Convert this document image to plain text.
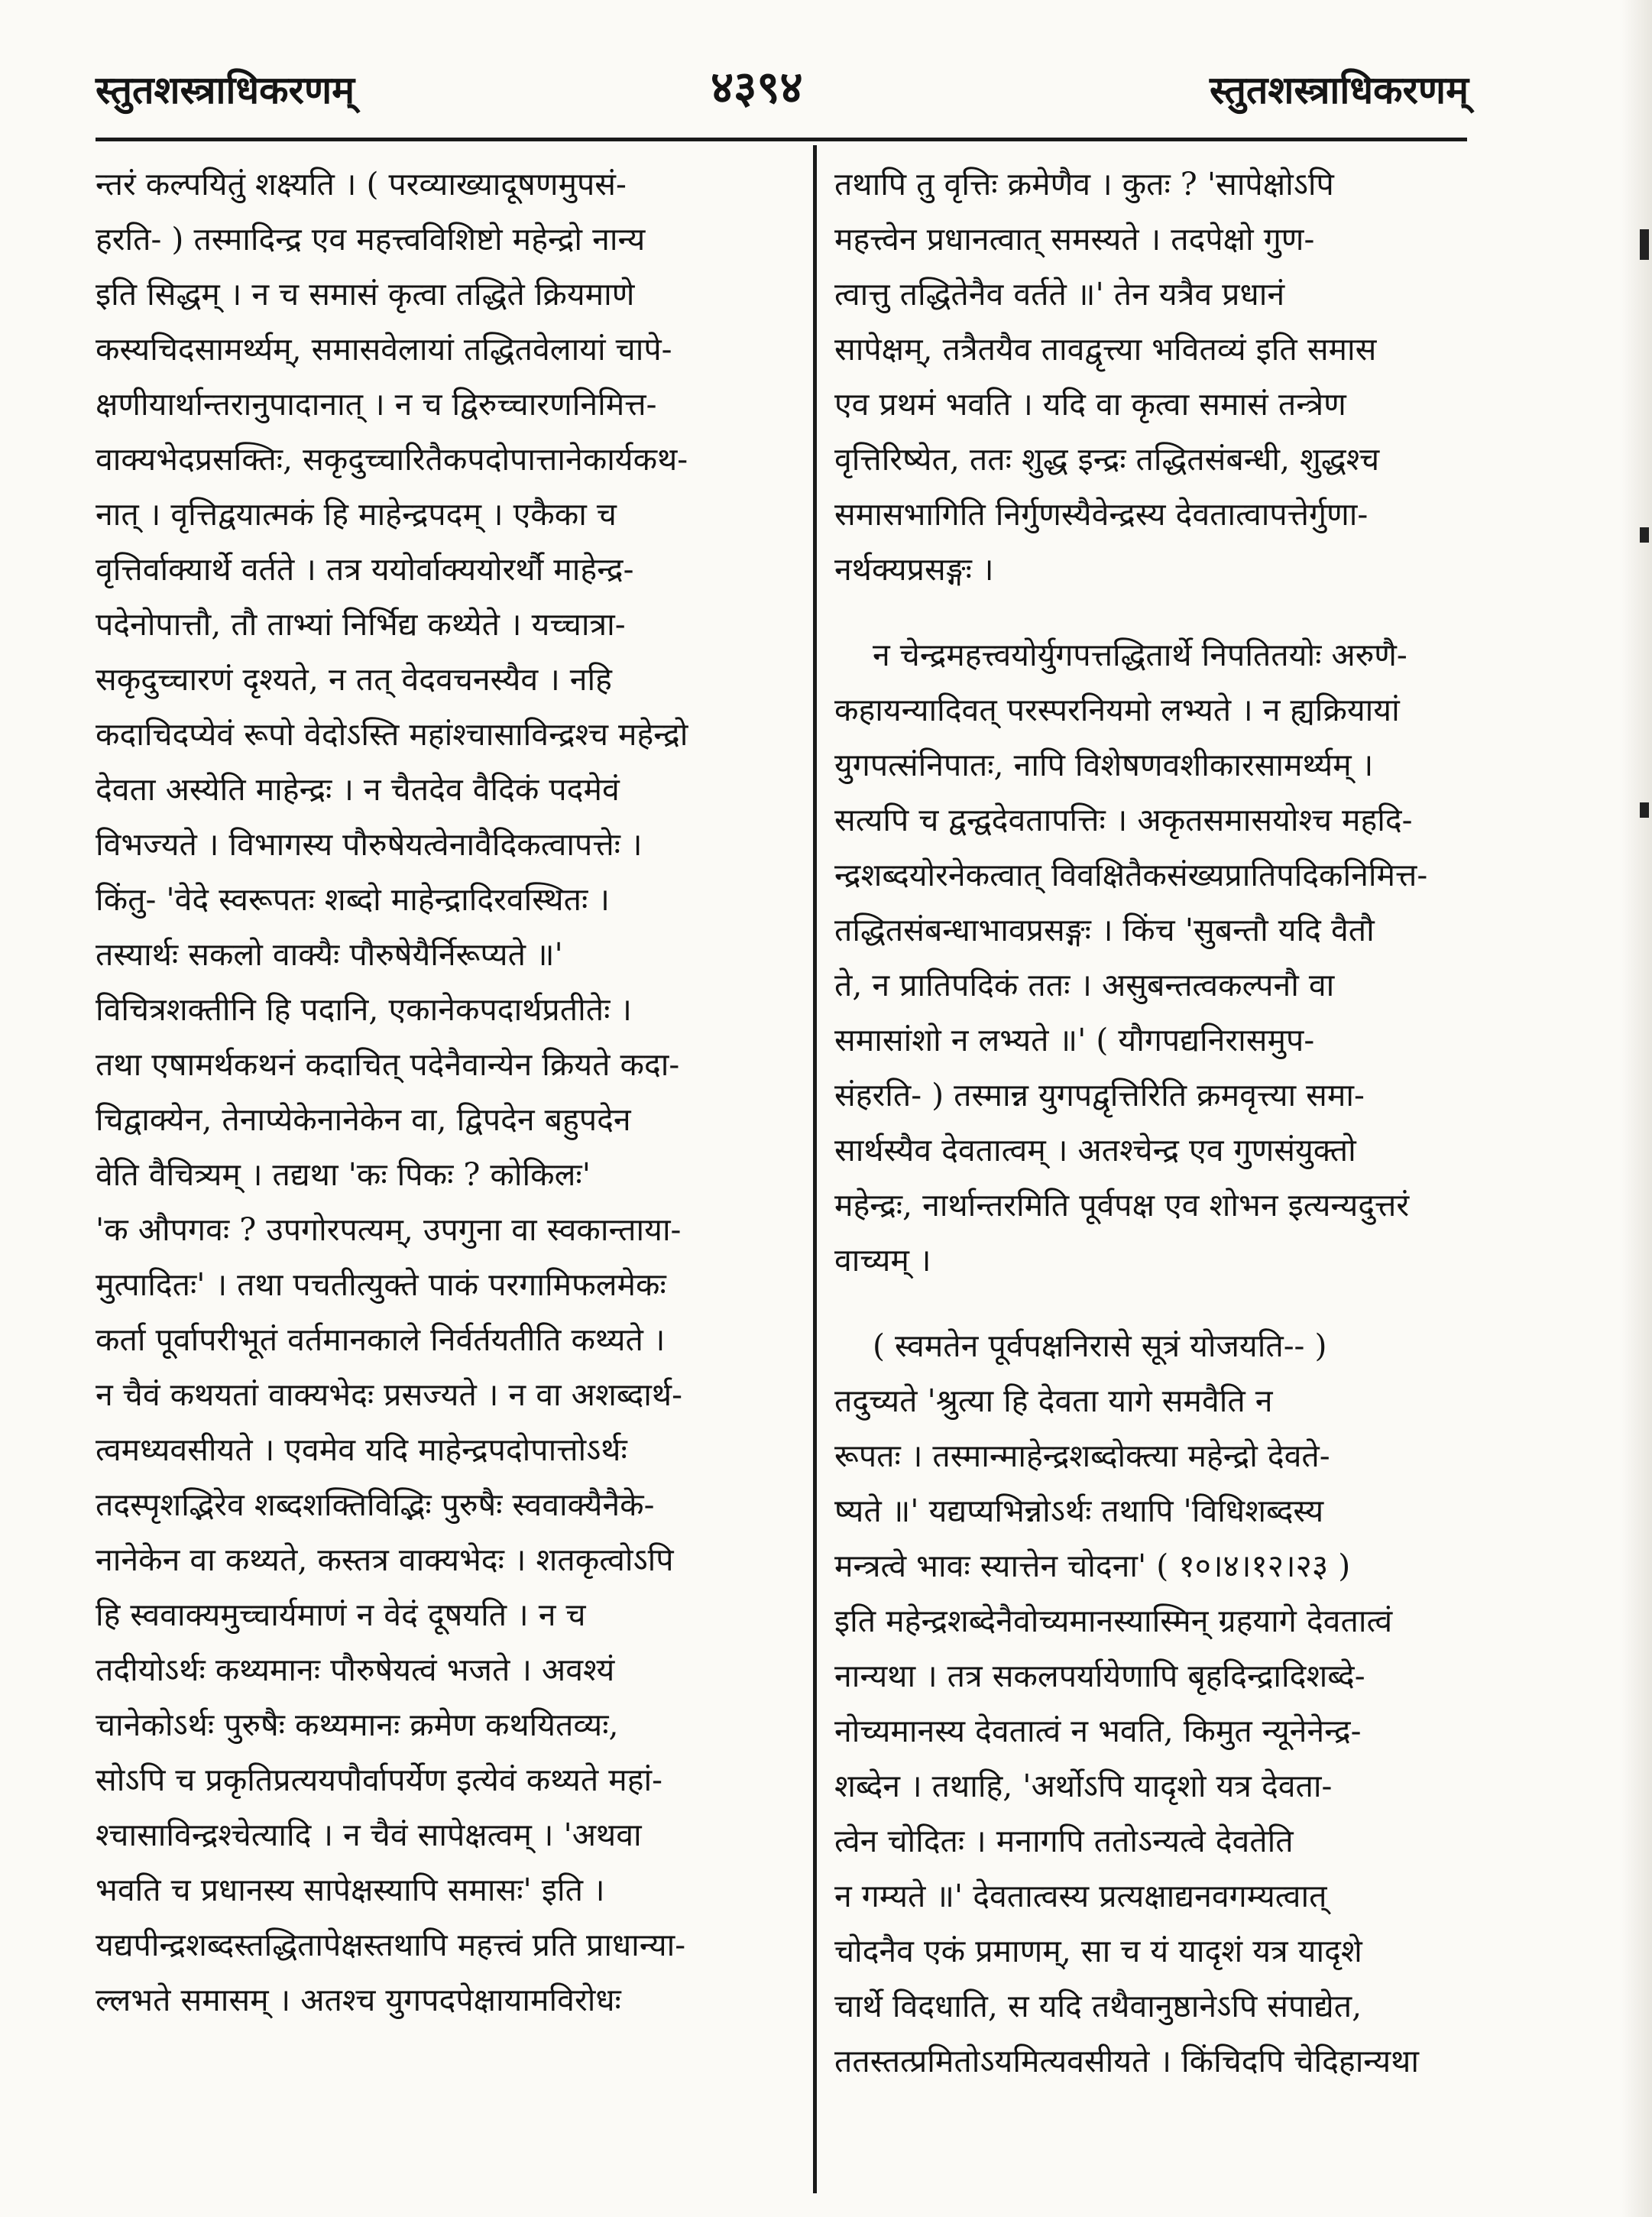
स्तुतशस्त्राधिकरणम्	४३९४	स्तुतशस्त्राधिकरणम्
न्तरं कल्पयितुं शक्ष्यति । ( परव्याख्यादूषणमुपसं-
हरति- ) तस्मादिन्द्र एव महत्त्वविशिष्टो महेन्द्रो नान्य
इति सिद्धम् । न च समासं कृत्वा तद्धिते क्रियमाणे
कस्यचिदसामर्थ्यम्, समासवेलायां तद्धितवेलायां चापे-
क्षणीयार्थान्तरानुपादानात् । न च द्विरुच्चारणनिमित्त-
वाक्यभेदप्रसक्तिः, सकृदुच्चारितैकपदोपात्तानेकार्यकथ-
नात् । वृत्तिद्वयात्मकं हि माहेन्द्रपदम् । एकैका च
वृत्तिर्वाक्यार्थे वर्तते । तत्र ययोर्वाक्ययोरर्थौ माहेन्द्र-
पदेनोपात्तौ, तौ ताभ्यां निर्भिद्य कथ्येते । यच्चात्रा-
सकृदुच्चारणं दृश्यते, न तत् वेदवचनस्यैव । नहि
कदाचिदप्येवं रूपो वेदोऽस्ति महांश्चासाविन्द्रश्च महेन्द्रो
देवता अस्येति माहेन्द्रः । न चैतदेव वैदिकं पदमेवं
विभज्यते । विभागस्य पौरुषेयत्वेनावैदिकत्वापत्तेः ।
किंतु- 'वेदे स्वरूपतः शब्दो माहेन्द्रादिरवस्थितः ।
तस्यार्थः सकलो वाक्यैः पौरुषेयैर्निरूप्यते ॥'
विचित्रशक्तीनि हि पदानि, एकानेकपदार्थप्रतीतेः ।
तथा एषामर्थकथनं कदाचित् पदेनैवान्येन क्रियते कदा-
चिद्वाक्येन, तेनाप्येकेनानेकेन वा, द्विपदेन बहुपदेन
वेति वैचित्र्यम् । तद्यथा 'कः पिकः ? कोकिलः'
'क औपगवः ? उपगोरपत्यम्, उपगुना वा स्वकान्ताया-
मुत्पादितः' । तथा पचतीत्युक्ते पाकं परगामिफलमेकः
कर्ता पूर्वापरीभूतं वर्तमानकाले निर्वर्तयतीति कथ्यते ।
न चैवं कथयतां वाक्यभेदः प्रसज्यते । न वा अशब्दार्थ-
त्वमध्यवसीयते । एवमेव यदि माहेन्द्रपदोपात्तोऽर्थः
तदस्पृशद्भिरेव शब्दशक्तिविद्भिः पुरुषैः स्ववाक्यैनैके-
नानेकेन वा कथ्यते, कस्तत्र वाक्यभेदः । शतकृत्वोऽपि
हि स्ववाक्यमुच्चार्यमाणं न वेदं दूषयति । न च
तदीयोऽर्थः कथ्यमानः पौरुषेयत्वं भजते । अवश्यं
चानेकोऽर्थः पुरुषैः कथ्यमानः क्रमेण कथयितव्यः,
सोऽपि च प्रकृतिप्रत्ययपौर्वापर्येण इत्येवं कथ्यते महां-
श्चासाविन्द्रश्चेत्यादि । न चैवं सापेक्षत्वम् । 'अथवा
भवति च प्रधानस्य सापेक्षस्यापि समासः' इति ।
यद्यपीन्द्रशब्दस्तद्धितापेक्षस्तथापि महत्त्वं प्रति प्राधान्या-
ल्लभते समासम् । अतश्च युगपदपेक्षायामविरोधः
तथापि तु वृत्तिः क्रमेणैव । कुतः ? 'सापेक्षोऽपि
महत्त्वेन प्रधानत्वात् समस्यते । तदपेक्षो गुण-
त्वात्तु तद्धितेनैव वर्तते ॥' तेन यत्रैव प्रधानं
सापेक्षम्, तत्रैतयैव तावद्वृत्त्या भवितव्यं इति समास
एव प्रथमं भवति । यदि वा कृत्वा समासं तन्त्रेण
वृत्तिरिष्येत, ततः शुद्ध इन्द्रः तद्धितसंबन्धी, शुद्धश्च
समासभागिति निर्गुणस्यैवेन्द्रस्य देवतात्वापत्तेर्गुणा-
नर्थक्यप्रसङ्गः ।
न चेन्द्रमहत्त्वयोर्युगपत्तद्धितार्थे निपतितयोः अरुणै-
कहायन्यादिवत् परस्परनियमो लभ्यते । न ह्यक्रियायां
युगपत्संनिपातः, नापि विशेषणवशीकारसामर्थ्यम् ।
सत्यपि च द्वन्द्वदेवतापत्तिः । अकृतसमासयोश्च महदि-
न्द्रशब्दयोरनेकत्वात् विवक्षितैकसंख्यप्रातिपदिकनिमित्त-
तद्धितसंबन्धाभावप्रसङ्गः । किंच 'सुबन्तौ यदि वैतौ
ते, न प्रातिपदिकं ततः । असुबन्तत्वकल्पनौ वा
समासांशो न लभ्यते ॥' ( यौगपद्यनिरासमुप-
संहरति- ) तस्मान्न युगपद्वृत्तिरिति क्रमवृत्त्या समा-
सार्थस्यैव देवतात्वम् । अतश्चेन्द्र एव गुणसंयुक्तो
महेन्द्रः, नार्थान्तरमिति पूर्वपक्ष एव शोभन इत्यन्यदुत्तरं
वाच्यम् ।
( स्वमतेन पूर्वपक्षनिरासे सूत्रं योजयति-- )
तदुच्यते 'श्रुत्या हि देवता यागे समवैति न
रूपतः । तस्मान्माहेन्द्रशब्दोक्त्या महेन्द्रो देवते-
ष्यते ॥' यद्यप्यभिन्नोऽर्थः तथापि 'विधिशब्दस्य
मन्त्रत्वे भावः स्यात्तेन चोदना' ( १०।४।१२।२३ )
इति महेन्द्रशब्देनैवोच्यमानस्यास्मिन् ग्रहयागे देवतात्वं
नान्यथा । तत्र सकलपर्यायेणापि बृहदिन्द्रादिशब्दे-
नोच्यमानस्य देवतात्वं न भवति, किमुत न्यूनेनेन्द्र-
शब्देन । तथाहि, 'अर्थोऽपि यादृशो यत्र देवता-
त्वेन चोदितः । मनागपि ततोऽन्यत्वे देवतेति
न गम्यते ॥' देवतात्वस्य प्रत्यक्षाद्यनवगम्यत्वात्
चोदनैव एकं प्रमाणम्, सा च यं यादृशं यत्र यादृशे
चार्थे विदधाति, स यदि तथैवानुष्ठानेऽपि संपाद्येत,
ततस्तत्प्रमितोऽयमित्यवसीयते । किंचिदपि चेदिहान्यथा
